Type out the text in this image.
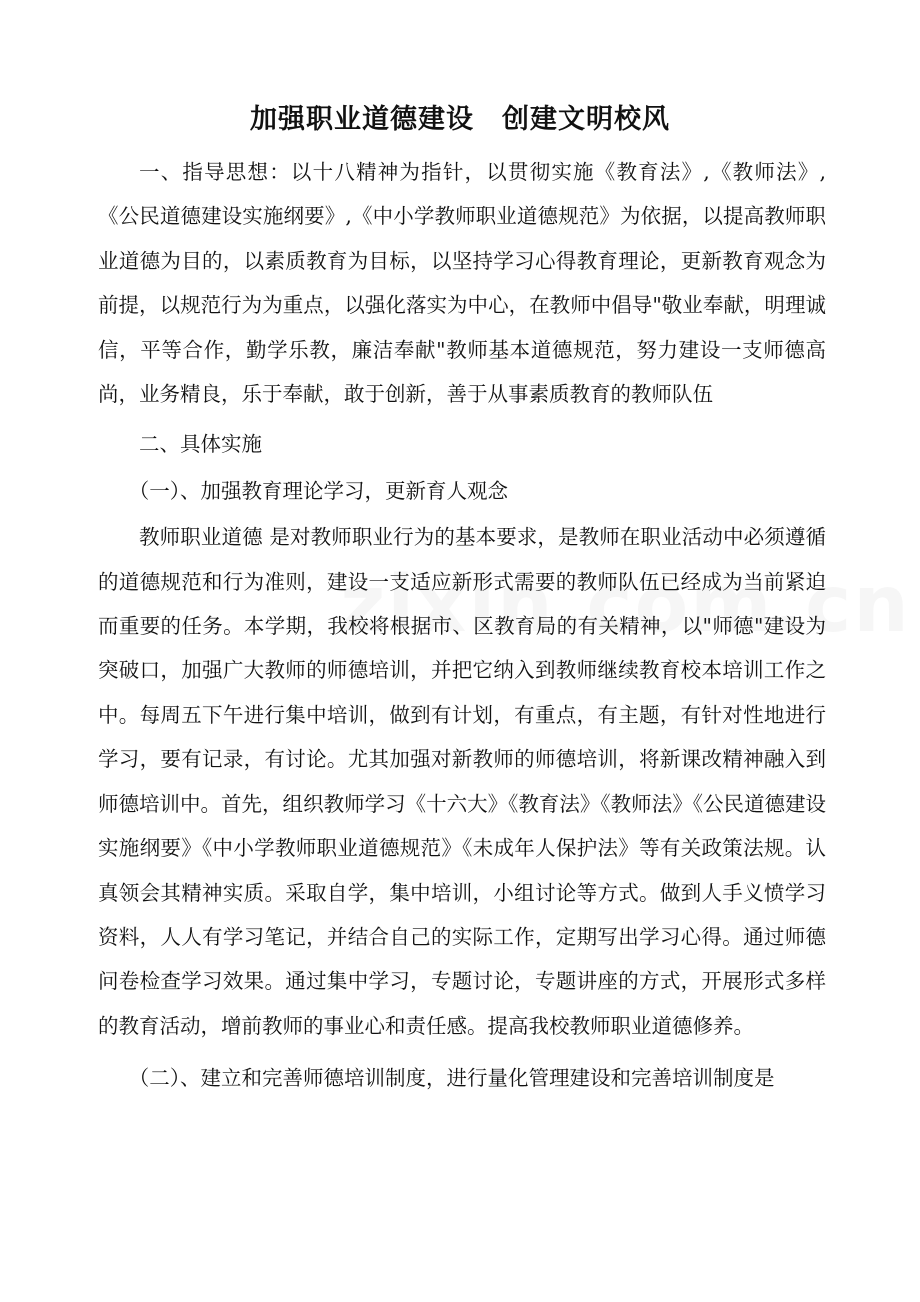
加强职业道德建设　创建文明校风

一、指导思想：以十八精神为指针，以贯彻实施《教育法》,《教师法》,《公民道德建设实施纲要》,《中小学教师职业道德规范》为依据，以提高教师职业道德为目的，以素质教育为目标，以坚持学习心得教育理论，更新教育观念为前提，以规范行为为重点，以强化落实为中心，在教师中倡导"敬业奉献，明理诚信，平等合作，勤学乐教，廉洁奉献"教师基本道德规范，努力建设一支师德高尚，业务精良，乐于奉献，敢于创新，善于从事素质教育的教师队伍

二、具体实施

（一）、加强教育理论学习，更新育人观念

教师职业道德 是对教师职业行为的基本要求，是教师在职业活动中必须遵循的道德规范和行为准则，建设一支适应新形式需要的教师队伍已经成为当前紧迫而重要的任务。本学期，我校将根据市、区教育局的有关精神，以"师德"建设为突破口，加强广大教师的师德培训，并把它纳入到教师继续教育校本培训工作之中。每周五下午进行集中培训，做到有计划，有重点，有主题，有针对性地进行学习，要有记录，有讨论。尤其加强对新教师的师德培训，将新课改精神融入到师德培训中。首先，组织教师学习《十六大》《教育法》《教师法》《公民道德建设实施纲要》《中小学教师职业道德规范》《未成年人保护法》等有关政策法规。认真领会其精神实质。采取自学，集中培训，小组讨论等方式。做到人手义愤学习 资料，人人有学习笔记，并结合自己的实际工作，定期写出学习心得。通过师德问卷检查学习效果。通过集中学习，专题讨论，专题讲座的方式，开展形式多样的教育活动，增前教师的事业心和责任感。提高我校教师职业道德修养。

（二）、建立和完善师德培训制度，进行量化管理建设和完善培训制度是
